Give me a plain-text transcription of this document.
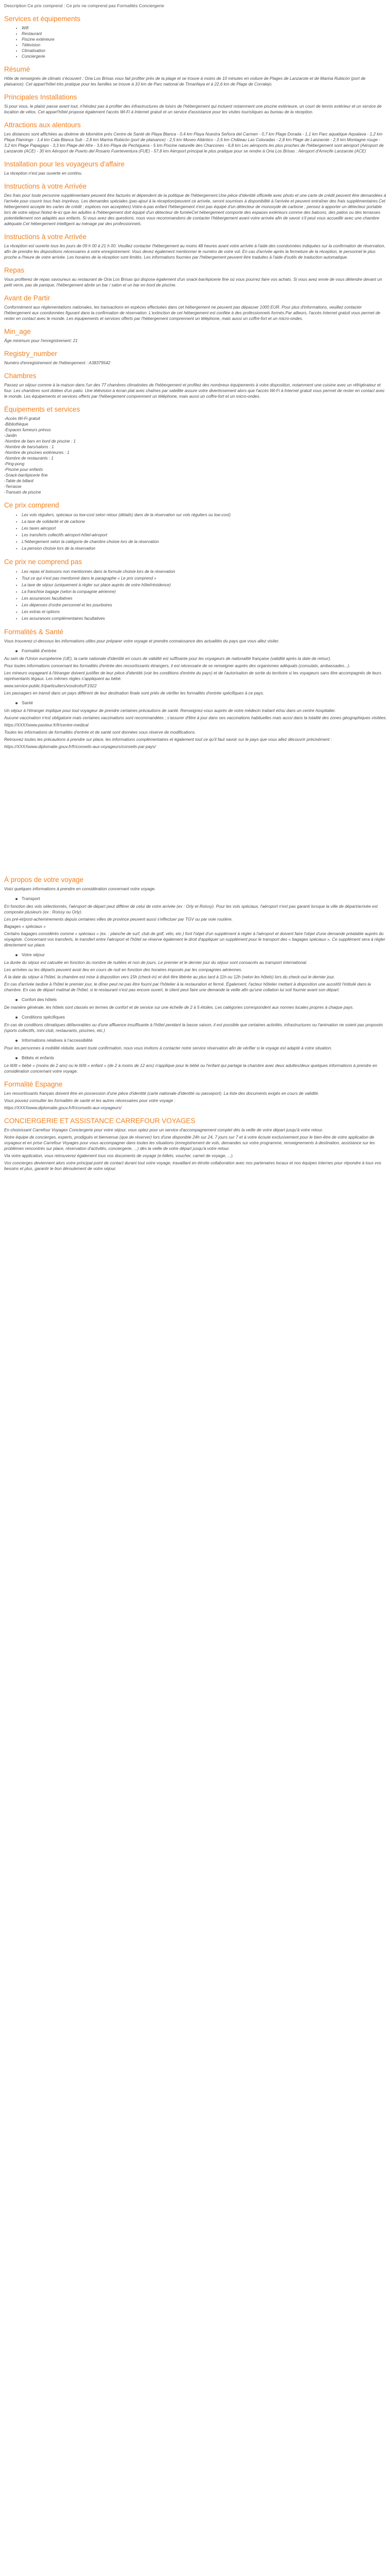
Description Ce prix comprend : Ce prix ne comprend pas Formalités Conciergerie

Services et équipements
• Wifi
• Restaurant
• Piscine extérieure
• Télévision
• Climatisation
• Conciergerie
Résumé

Hôte de renseignés de climats s'écouvert : Oria Los Brisas vous fait profiter près de la plage et se trouve à moins de 10 minutes en voiture de Plages de Lanzarote et de Marina Rubicón (port de plaisance). Cet appart'hôtel très pratique pour les familles se trouve à 10 km de Parc national de Timanfaya et à 22,6 km de Plage de Corralejo.

Principales Installations

Si pour vous, le plaisir passe avant tout, n'hésitez pas à profiter des infrastructures de loisirs de l'hébergement qui incluent notamment une piscine extérieure, un court de tennis extérieur et un service de location de vélos. Cet appart'hôtel propose également l'accès Wi-Fi à Internet gratuit et un service d'assistance pour les visites touristiques au bureau de la réception.

Attractions aux alentours

Les distances sont affichées au dixième de kilomètre près Centre de Santé de Playa Blanca - 0,4 km Playa Nuestra Señora del Carmen - 0,7 km Plage Dorada - 1,1 km Parc aquatique Aqualava - 1,2 km Playa Flamingo - 1,4 km Cala Blanca Sub - 2,8 km Marina Rubicón (port de plaisance) - 2,5 km Museo Atlántico - 2,6 km Château Las Coloradas - 2,8 km Plage de Lanzarote - 2,9 km Montagne rouge - 3,2 km Plage Papagayo - 3,3 km Plage del Afre - 3,6 km Playa de Pechiguera - 5 km Pixcine naturelle des Charcones - 6,8 km Les aéroports les plus proches de l'hébergement sont aéroport (Aéroport de Lanzarote (ACE) - 30 km Aéroport de Puerto del Rosario Fuerteventura (FUE) - 57,8 km Aéroport principal le plus pratique pour se rendre à Oria Los Brisas : Aéroport d'Arrecife Lanzarote (ACE)

Installation pour les voyageurs d'affaire

La réception n'est pas ouverte en continu.

Instructions à votre Arrivée

Des frais pour toute personne supplémentaire peuvent être facturés et dépendent de la politique de l'hébergement.Une pièce d'identité officielle avec photo et une carte de crédit peuvent être demandées à l'arrivée pour couvrir tous frais imprévus. Les demandes spéciales (pas-ajout à la réception/peuvent ce arrivée, seront soumises à disponibilité à l'arrivée et peuvent entraîner des frais supplémentaires.Cet hébergement accepte les cartes de crédit ; espèces non acceptées).Votre-à-pas enfant l'hébergement n'est pas équipé d'un détecteur de monoxyde de carbone ; pensez à apporter un détecteur portable lors de votre séjour.Notez-le-ici que les adultes à l'hébergement doit équipé d'un détecteur de fuméeCet hébergement comporte des espaces extérieurs comme des balcons, des patios ou des terrasses potentiellement non adaptés aux enfants. Si vous avez des questions, nous vous recommandons de contacter l'hébergement avant votre arrivée afin de savoir s'il peut vous accueillir avec une chambre adéquate.Cet hébergement intelligent au ménage par des professionnels.

Instructions à votre Arrivée

La réception est ouverte tous les jours de 09 h 00 à 21 h 00. Veuillez contacter l'hébergement au moins 48 heures avant votre arrivée à l'aide des coordonnées indiquées sur la confirmation de réservation, afin de prendre les dispositions nécessaires à votre enregistrement. Vous devez également mentionner le numéro de votre vol. En cas d'arrivée après la fermeture de la réception, le personnel le plus proche a l'heure de votre arrivée. Les horaires de la réception sont limités. Les informations fournies par l'hébergement peuvent être traduites à l'aide d'outils de traduction automatique.

Repas

Vous profiterez de repas savoureux au restaurant de Oria Los Brisas qui dispose également d'un snack-bar/épicerie fine où vous pourrez faire vos achats. Si vous avez envie de vous détendre devant un petit verre, pas de panique, l'hébergement abrite un bar / salon et un bar en bord de piscine.

Avant de Partir

Conformément aux réglementations nationales, les transactions en espèces effectuées dans cet hébergement ne peuvent pas dépasser 1000 EUR. Pour plus d'informations, veuillez contacter l'hébergement aux coordonnées figurant dans la confirmation de réservation. L'extinction de cet hébergement est confiée à des professionnels formés.Par ailleurs, l'accès Internet gratuit vous permet de rester en contact avec le monde. Les équipements et services offerts par l'hébergement comprennent un téléphone, mais aussi un coffre-fort et un micro-ondes.

Min_age

Âge minimum pour l'enregistrement: 21

Registry_number

Numéro d'enregistrement de l'hébergement : A38379542

Chambres

Passez un séjour comme à la maison dans l'un des 77 chambres climatisées de l'hébergement et profitez des nombreux équipements à votre disposition, notamment une cuisine avec un réfrigérateur et four. Les chambres sont dotées d'un patio. Une télévision à écran plat avec chaînes par satellite assure votre divertissement alors que l'accès Wi-Fi à Internet gratuit vous permet de rester en contact avec le monde. Les équipements et services offerts par l'hébergement comprennent un téléphone, mais aussi un coffre-fort et un micro-ondes.

Équipements et services
-Accès Wi-Fi gratuit
-Bibliothèque
-Espaces fumeurs prévus
-Jardin
-Nombre de bars en bord de piscine : 1
-Nombre de bars/salons : 1
-Nombre de piscines extérieures : 1
-Nombre de restaurants : 1
-Ping-pong
-Piscine pour enfants
-Snack-bar/épicerie fine
-Table de billard
-Terrasse
-Transats de piscine
Ce prix comprend
• Les vols réguliers, spéciaux ou low-cost selon retour (détails) dans de la réservation sur vols réguliers ou low-cost)
• La taxe de solidarité et de carbone
• Les taxes aéroport
• Les transferts collectifs aéroport-hôtel-aéroport
• L'hébergement selon la catégorie de chambre choisie lors de la réservation
• La pension choisie lors de la réservation
Ce prix ne comprend pas
• Les repas et boissons non mentionnés dans la formule choisie lors de la réservation
• Tout ce qui n'est pas mentionné dans le paragraphe « Le prix comprend »
• La taxe de séjour (uniquement à régler sur place auprès de votre hôtel/résidence)
• La franchise bagage (selon la compagnie aérienne)
• Les assurances facultatives
• Les dépenses d'ordre personnel et les pourboires
• Les extras et options
• Les assurances complémentaires facultatives
Formalités & Santé

Vous trouverez ci-dessous les informations utiles pour préparer votre voyage et prendre connaissance des actualités du pays que vous allez visiter.

Formalité d'entrée

Au sein de l'Union européenne (UE), la carte nationale d'identité en cours de validité est suffisante pour les voyageurs de nationalité française (validité après la date de retour).

Pour toutes informations concernant les formalités d'entrée des ressortissants étrangers, il est nécessaire de se renseigner auprès des organismes adéquats (consulats, ambassades...).

Les mineurs voyageant à l'étranger doivent justifier de leur pièce d'identité (voir les conditions d'entrée du pays) et de l'autorisation de sortie du territoire si les voyageurs sans être accompagnés de leurs représentants légaux. Les mêmes règles s'appliquent au bébé.

www.service-public.fr/particuliers/vosdroits/F1922

Les passagers en transit dans un pays différent de leur destination finale sont priés de vérifier les formalités d'entrée spécifiques à ce pays.

Santé

Un séjour à l'étranger implique pour tout voyageur de prendre certaines précautions de santé. Renseignez-vous auprès de votre médecin traitant et/ou dans un centre hospitalier.

Aucune vaccination n'est obligatoire mais certaines vaccinations sont recommandées ; s'assurer d'être à jour dans ses vaccinations habituelles mais aussi dans la totalité des zones géographiques visitées.

https://XXXXwww.pasteur.fr/fr/centre-medical

Toutes les informations de formalités d'entrée et de santé sont données sous réserve de modifications.

Retrouvez toutes les précautions à prendre sur place, les informations complémentaires et également tout ce qu'il faut savoir sur le pays que vous allez découvrir précisément :

https://XXXXwww.diplomatie.gouv.fr/fr/conseils-aux-voyageurs/conseils-par-pays/

À propos de votre voyage

Voici quelques informations à prendre en considération concernant votre voyage.

Transport

En fonction des vols sélectionnés, l'aéroport de départ peut différer de celui de votre arrivée (ex : Orly et Roissy). Pour les vols spéciaux, l'aéroport n'est pas garanti lorsque la ville de départ/arrivée est composée plusieurs (ex : Roissy ou Orly).

Les pré-et/post-acheminements depuis certaines villes de province peuvent aussi s'effectuer par TGV ou par voie routière.

Bagages « spéciaux »

Certains bagages considérés comme « spéciaux » (ex. : planche de surf, club de golf, vélo, etc.) font l'objet d'un supplément à régler à l'aéroport et doivent faire l'objet d'une demande préalable auprès du voyagiste. Concernant vos transferts, le transfert entre l'aéroport et l'hôtel se réserve également le droit d'appliquer un supplément pour le transport des « bagages spéciaux ». Ce supplément sera à régler directement sur place.

Votre séjour

La durée du séjour est calculée en fonction du nombre de nuitées et non de jours. Le premier et le dernier jour du séjour sont consacrés au transport international.

Les arrivées ou les départs peuvent avoir lieu en cours de nuit en fonction des horaires imposés par les compagnies aériennes.

À la date du séjour à l'hôtel, la chambre est mise à disposition vers 15h (check-in) et doit être libérée au plus tard à 11h ou 12h (selon les hôtels) lors du check-out le dernier jour.

En cas d'arrivée tardive à l'hôtel le premier jour, le dîner peut ne pas être fourni par l'hôtelier à la restauration et fermé. Également, l'acteur hôtelier mettant à disposition une aussitôt l'intitulé dans la chambre. En cas de départ matinal de l'hôtel, si le restaurant n'est pas encore ouvert, le client peut faire une demande la veille afin qu'une collation lui soit fournie avant son départ.

Confort des hôtels

De manière générale, les hôtels sont classés en termes de confort et de service sur une échelle de 2 à 5 étoiles. Les catégories correspondent aux normes locales propres à chaque pays.

Conditions spécifiques

En cas de conditions climatiques défavorables ou d'une affluence insuffisante à l'hôtel pendant la basse saison, il est possible que certaines activités, infrastructures ou l'animation ne soient pas proposés (sports collectifs, mini club, restaurants, piscines, etc.)

Informations relatives à l'accessibilité

Pour les personnes à mobilité réduite, avant toute confirmation, nous vous invitons à contacter notre service réservation afin de vérifier si le voyage est adapté à votre situation.

Bébés et enfants

Le lit/lit « bébé » (moins de 2 ans) ou le lit/lit « enfant » (de 2 à moins de 12 ans) n'applique pour le bébé ou l'enfant qui partage la chambre avec deux adultes/deux quelques informations à prendre en considération concernant votre voyage.

Formalité Espagne

Les ressortissants français doivent être en possession d'une pièce d'identité (carte nationale d'identité ou passeport). La liste des documents exigés en cours de validité.

Vous pouvez consulter les formalités de santé et les autres nécessaires pour votre voyage :

https://XXXXwww.diplomatie.gouv.fr/fr/conseils-aux-voyageurs/

CONCIERGERIE ET ASSISTANCE CARREFOUR VOYAGES

En choisissant Carrefour Voyages Conciergerie pour votre séjour, vous optez pour un service d'accompagnement complet dès la veille de votre départ jusqu'à votre retour.

Notre équipe de concierges, experts, prodigués et bienvenue (que de réserver) lors d'une disponible 24h sur 24, 7 jours sur 7 et à votre écoute exclusivement pour le bien-être de votre application de voyageur.et en prise Carrefour Voyages pour vous accompagner dans toutes les situations (enregistrement de vols, demandes sur votre programme, renseignements à destination, assistance sur les problèmes rencontrés sur place, réservation d'activités, conciergerie, ...) dès la veille de votre départ jusqu'à votre retour.

Via votre application, vous retrouverez également tous vos documents de voyage (e-billets, voucher, carnet de voyage, ...).

Vos concierges deviennent alors votre principal point de contact durant tout votre voyage, travaillant en étroite collaboration avec nos partenaires locaux et nos équipes internes pour répondre à tous vos besoins et plus, garantir le bon déroulement de votre séjour.
